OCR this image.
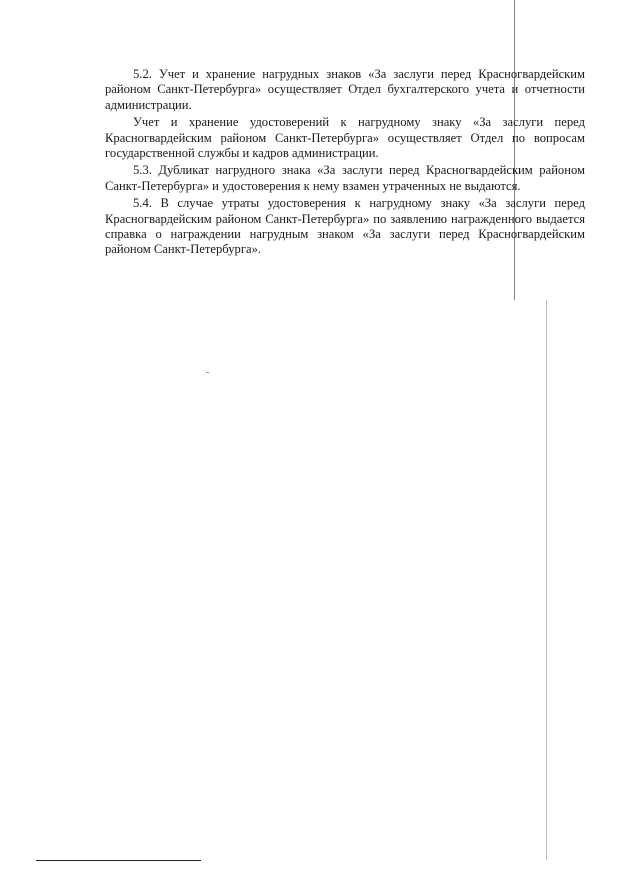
5.2. Учет и хранение нагрудных знаков «За заслуги перед Красногвардейским районом Санкт-Петербурга» осуществляет Отдел бухгалтерского учета и отчетности администрации.

Учет и хранение удостоверений к нагрудному знаку «За заслуги перед Красногвардейским районом Санкт-Петербурга» осуществляет Отдел по вопросам государственной службы и кадров администрации.

5.3. Дубликат нагрудного знака «За заслуги перед Красногвардейским районом Санкт-Петербурга» и удостоверения к нему взамен утраченных не выдаются.

5.4. В случае утраты удостоверения к нагрудному знаку «За заслуги перед Красногвардейским районом Санкт-Петербурга» по заявлению награжденного выдается справка о награждении нагрудным знаком «За заслуги перед Красногвардейским районом Санкт-Петербурга».
